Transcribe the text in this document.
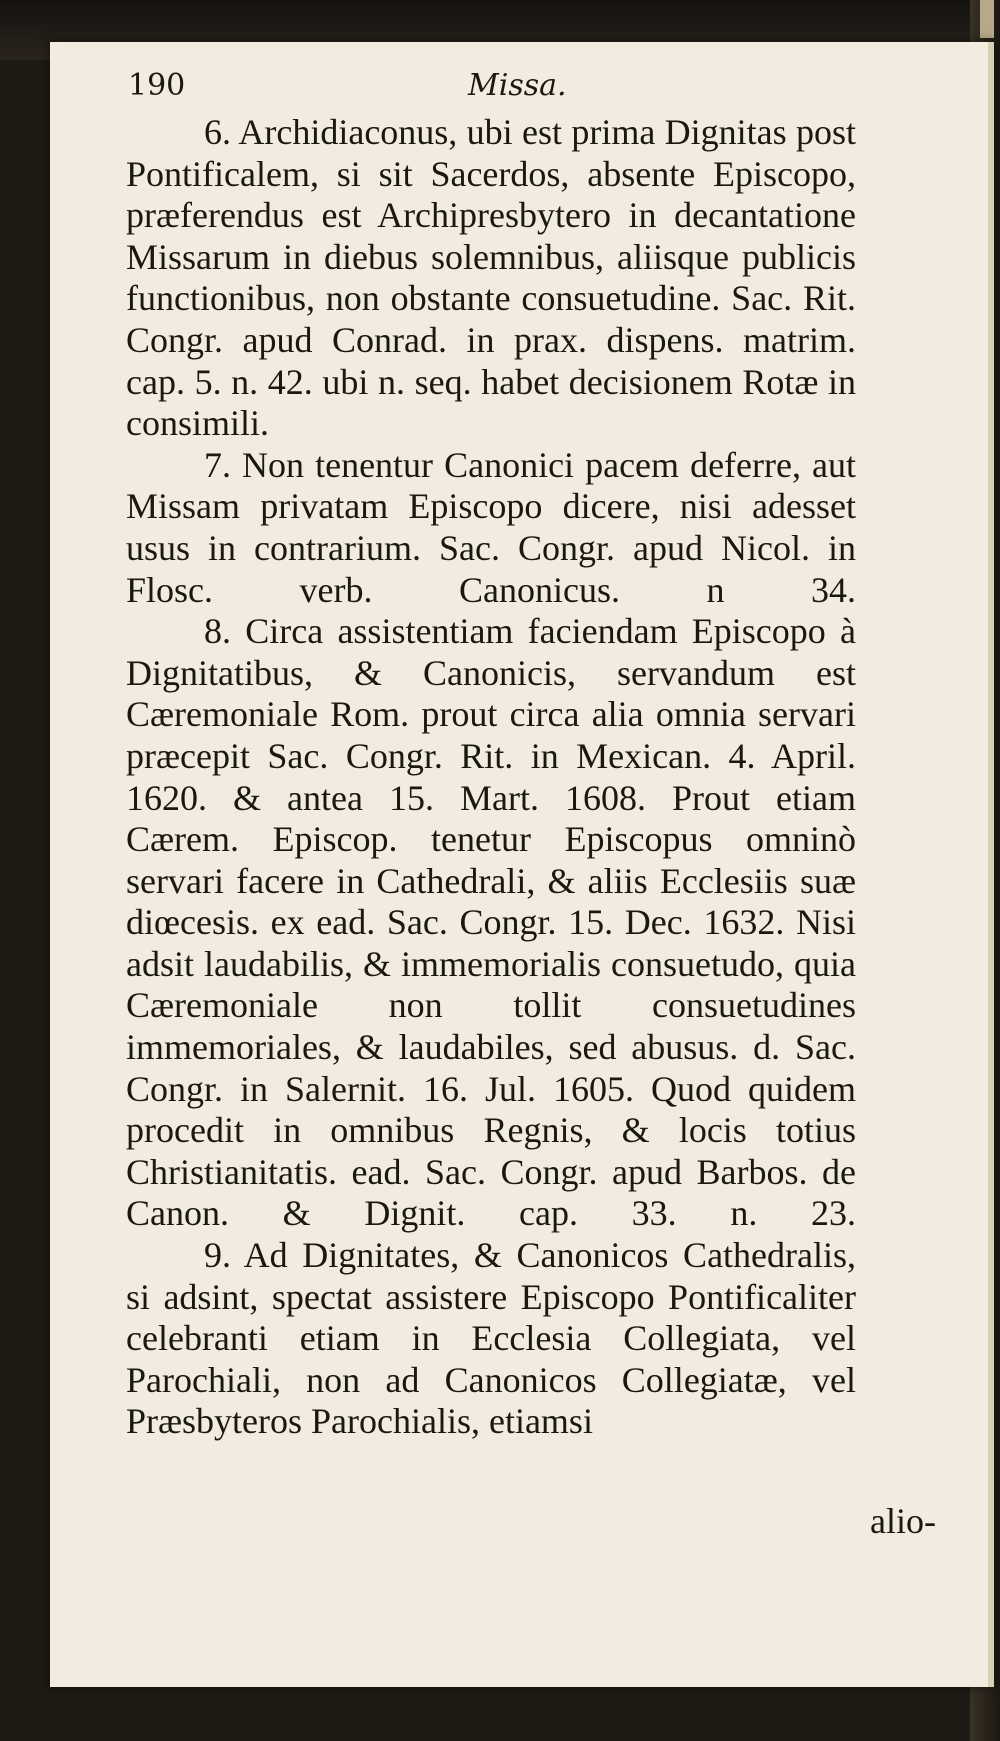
190	Missa.

6. Archidiaconus, ubi est prima Dignitas post Pontificalem, si sit Sacerdos, absente Episcopo, præferendus est Archipresbytero in decantatione Missarum in diebus solemnibus, aliisque publicis functionibus, non obstante consuetudine. Sac. Rit. Congr. apud Conrad. in prax. dispens. matrim. cap. 5. n. 42. ubi n. seq. habet decisionem Rotæ in consimili.

7. Non tenentur Canonici pacem deferre, aut Missam privatam Episcopo dicere, nisi adesset usus in contrarium. Sac. Congr. apud Nicol. in Flosc. verb. Canonicus. n 34.

8. Circa assistentiam faciendam Episcopo à Dignitatibus, & Canonicis, servandum est Cæremoniale Rom. prout circa alia omnia servari præcepit Sac. Congr. Rit. in Mexican. 4. April. 1620. & antea 15. Mart. 1608. Prout etiam Cærem. Episcop. tenetur Episcopus omninò servari facere in Cathedrali, & aliis Ecclesiis suæ diœcesis. ex ead. Sac. Congr. 15. Dec. 1632. Nisi adsit laudabilis, & immemorialis consuetudo, quia Cæremoniale non tollit consuetudines immemoriales, & laudabiles, sed abusus. d. Sac. Congr. in Salernit. 16. Jul. 1605. Quod quidem procedit in omnibus Regnis, & locis totius Christianitatis. ead. Sac. Congr. apud Barbos. de Canon. & Dignit. cap. 33. n. 23.

9. Ad Dignitates, & Canonicos Cathedralis, si adsint, spectat assistere Episcopo Pontificaliter celebranti etiam in Ecclesia Collegiata, vel Parochiali, non ad Canonicos Collegiatæ, vel Præsbyteros Parochialis, etiamsi

alio-
